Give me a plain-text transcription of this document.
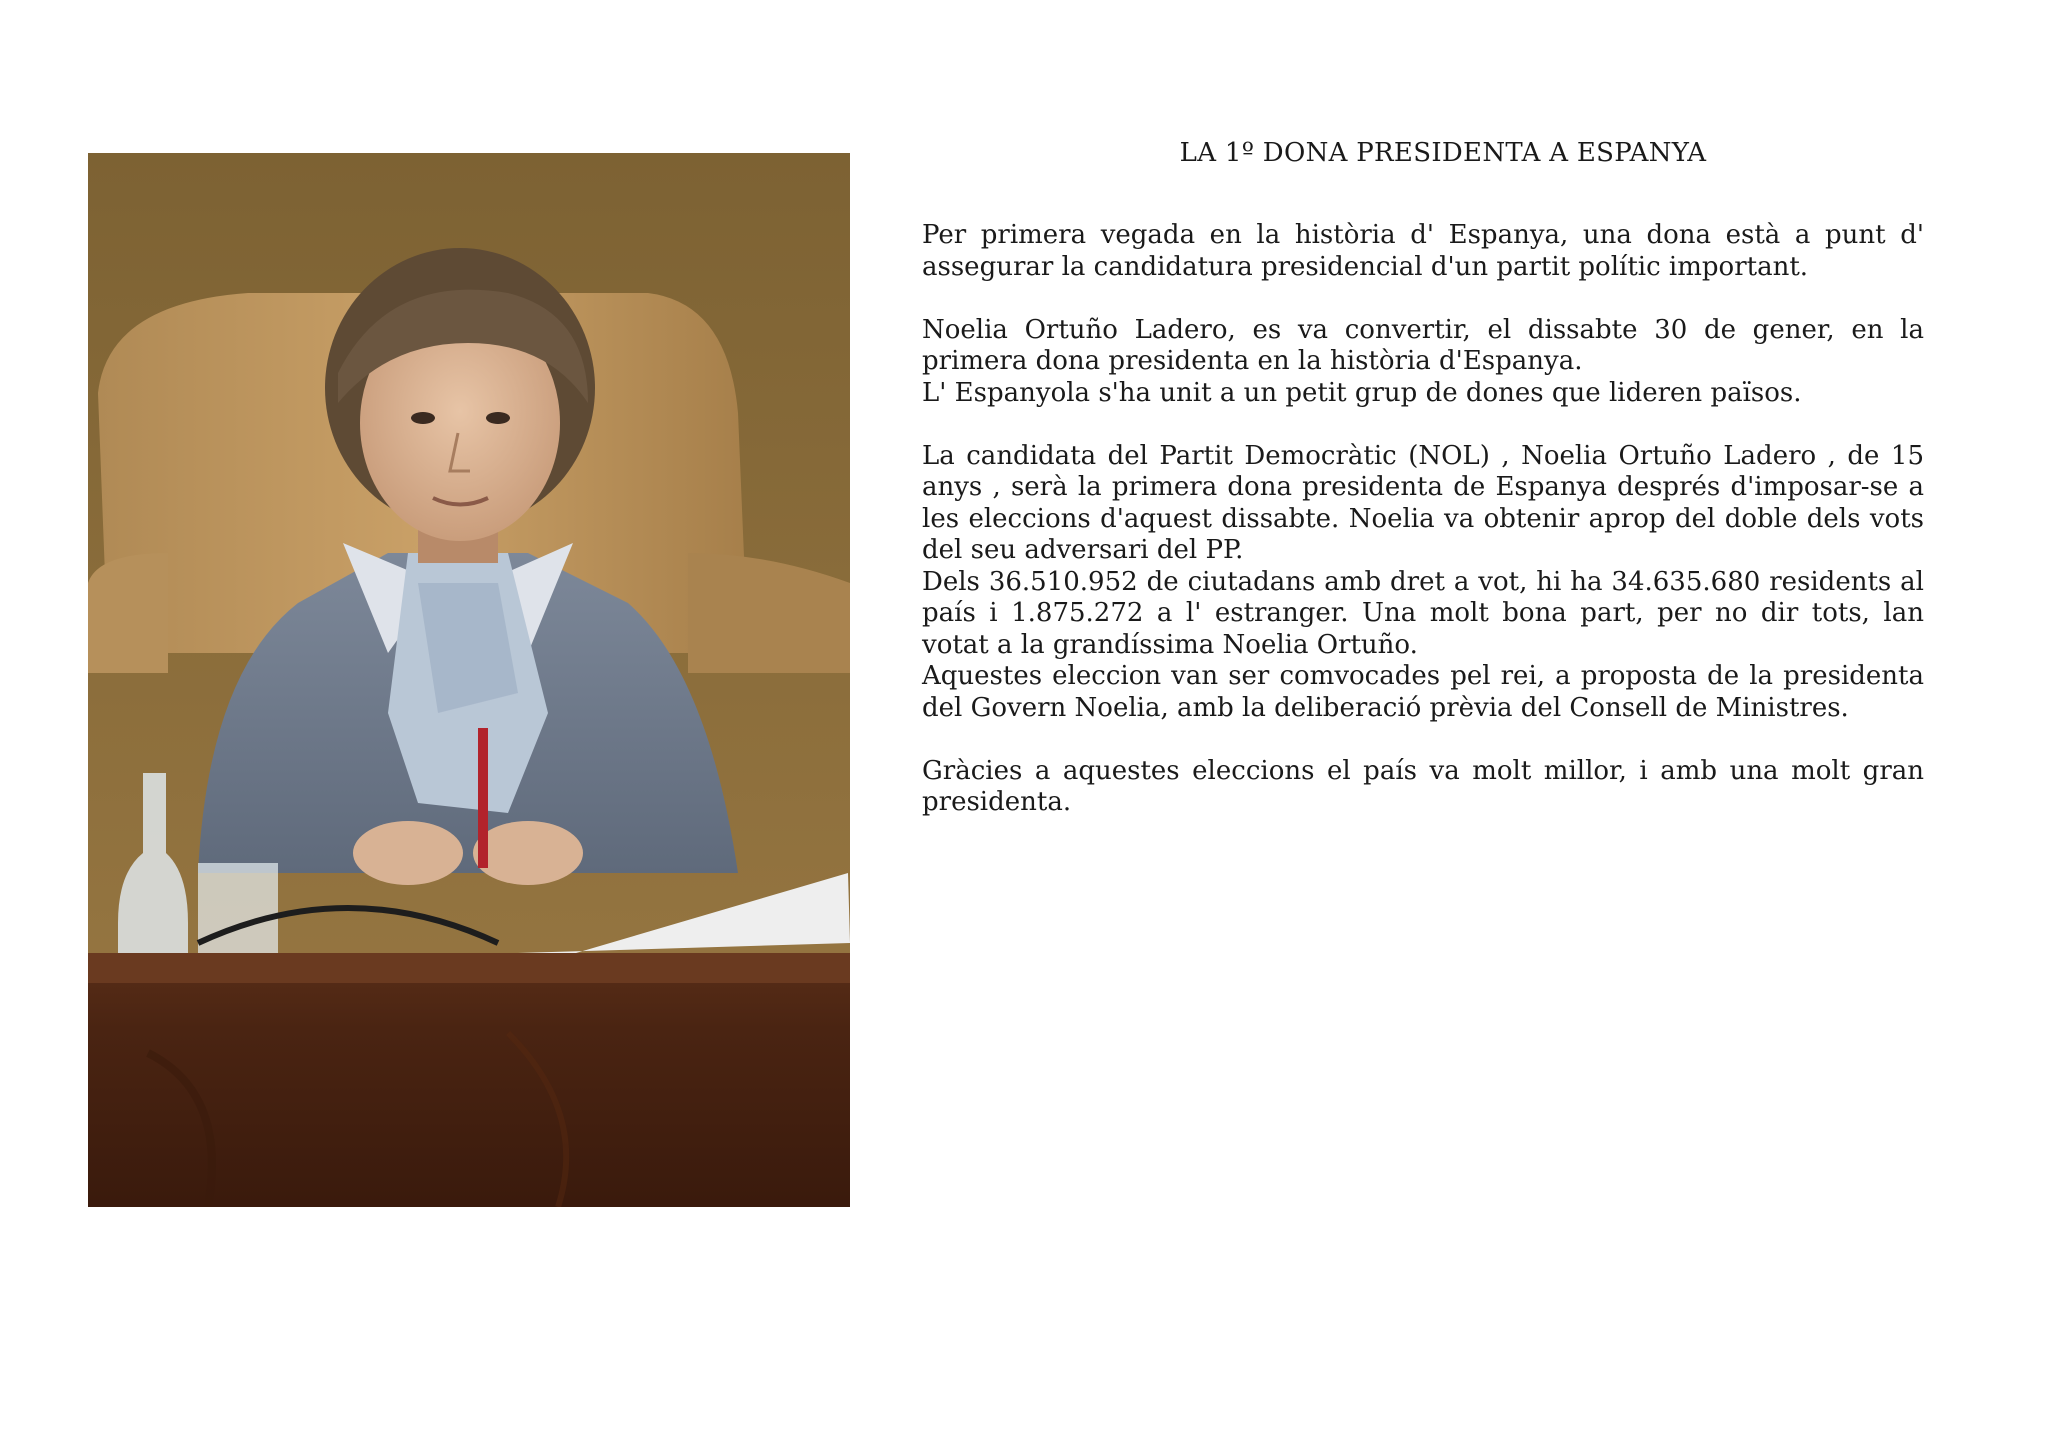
LA 1º DONA PRESIDENTA A ESPANYA

Per primera vegada en la història d' Espanya, una dona està a punt d' assegurar la candidatura presidencial d'un partit polític important.

Noelia Ortuño Ladero, es va convertir, el dissabte 30 de gener, en la primera dona presidenta en la història d'Espanya.
L' Espanyola s'ha unit a un petit grup de dones que lideren països.

La candidata del Partit Democràtic (NOL) , Noelia Ortuño Ladero , de 15 anys , serà la primera dona presidenta de Espanya després d'imposar-se a les eleccions d'aquest dissabte. Noelia va obtenir aprop del doble dels vots del seu adversari del PP.
Dels 36.510.952 de ciutadans amb dret a vot, hi ha 34.635.680 residents al país i 1.875.272 a l' estranger. Una molt bona part, per no dir tots, lan votat a la grandíssima Noelia Ortuño.
Aquestes eleccion van ser comvocades pel rei, a proposta de la presidenta del Govern Noelia, amb la deliberació prèvia del Consell de Ministres.

Gràcies a aquestes eleccions el país va molt millor, i amb una molt gran presidenta.
